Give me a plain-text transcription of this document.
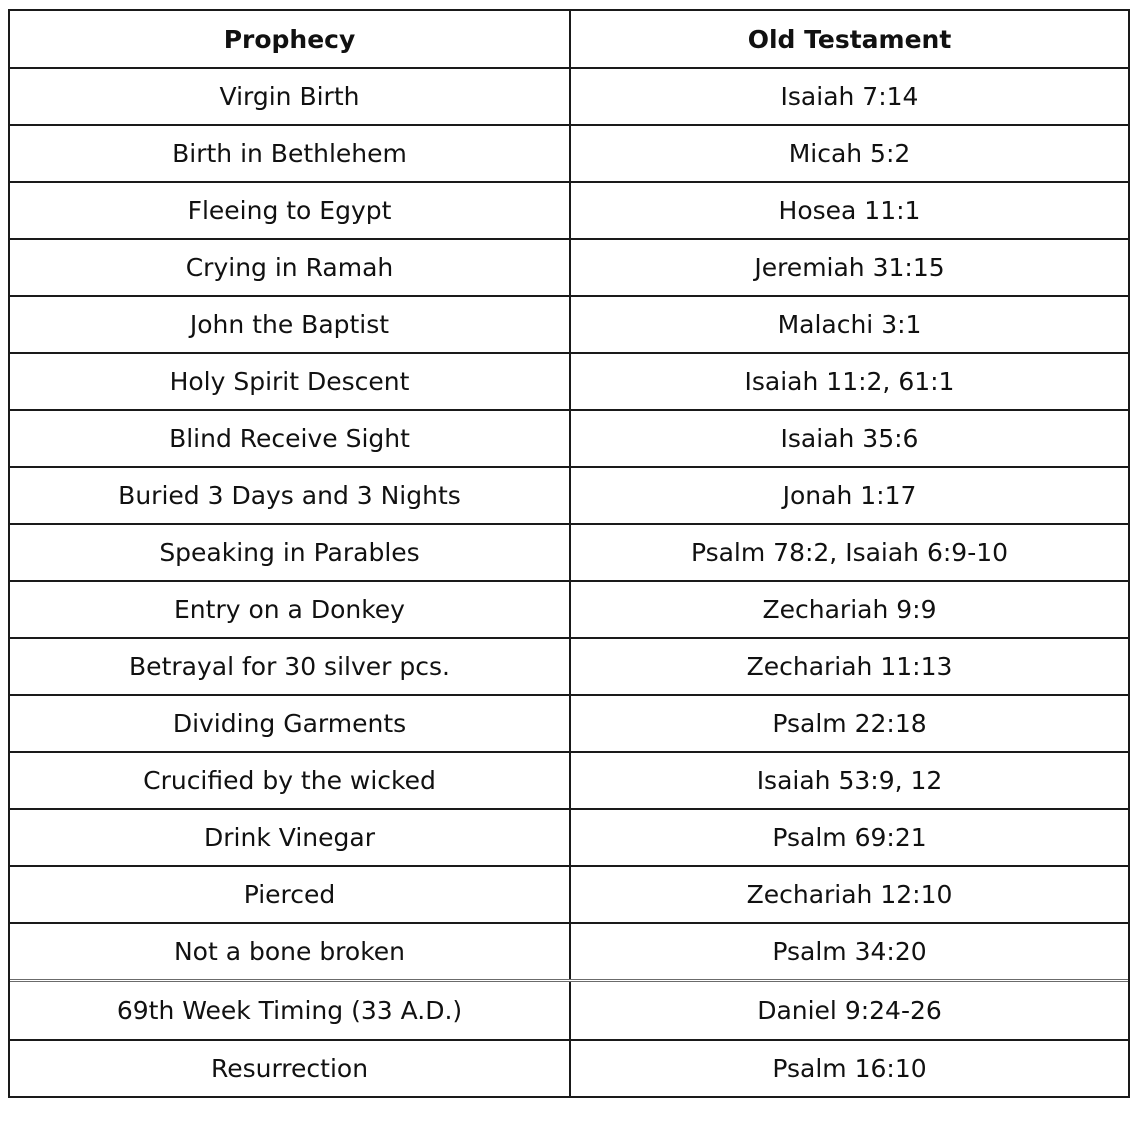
Prophecy	Old Testament
Virgin Birth	Isaiah 7:14
Birth in Bethlehem	Micah 5:2
Fleeing to Egypt	Hosea 11:1
Crying in Ramah	Jeremiah 31:15
John the Baptist	Malachi 3:1
Holy Spirit Descent	Isaiah 11:2, 61:1
Blind Receive Sight	Isaiah 35:6
Buried 3 Days and 3 Nights	Jonah 1:17
Speaking in Parables	Psalm 78:2, Isaiah 6:9-10
Entry on a Donkey	Zechariah 9:9
Betrayal for 30 silver pcs.	Zechariah 11:13
Dividing Garments	Psalm 22:18
Crucified by the wicked	Isaiah 53:9, 12
Drink Vinegar	Psalm 69:21
Pierced	Zechariah 12:10
Not a bone broken	Psalm 34:20
69th Week Timing (33 A.D.)	Daniel 9:24-26
Resurrection	Psalm 16:10
